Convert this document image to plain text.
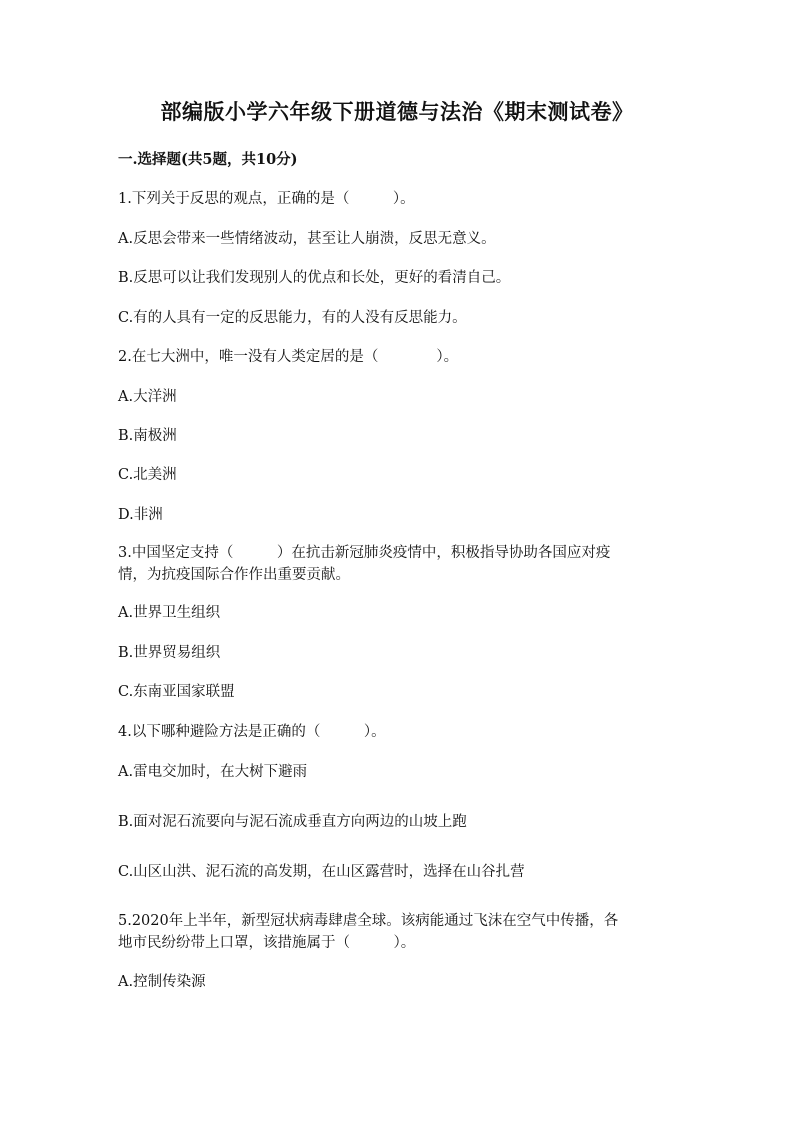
部编版小学六年级下册道德与法治《期末测试卷》
一.选择题(共5题，共10分)
1.下列关于反思的观点，正确的是（　　　）。
A.反思会带来一些情绪波动，甚至让人崩溃，反思无意义。
B.反思可以让我们发现别人的优点和长处，更好的看清自己。
C.有的人具有一定的反思能力，有的人没有反思能力。
2.在七大洲中，唯一没有人类定居的是（　　　　）。
A.大洋洲
B.南极洲
C.北美洲
D.非洲
3.中国坚定支持（　　　）在抗击新冠肺炎疫情中，积极指导协助各国应对疫
情，为抗疫国际合作作出重要贡献。
A.世界卫生组织
B.世界贸易组织
C.东南亚国家联盟
4.以下哪种避险方法是正确的（　　　）。
A.雷电交加时，在大树下避雨
B.面对泥石流要向与泥石流成垂直方向两边的山坡上跑
C.山区山洪、泥石流的高发期，在山区露营时，选择在山谷扎营
5.2020年上半年，新型冠状病毒肆虐全球。该病能通过飞沫在空气中传播，各
地市民纷纷带上口罩，该措施属于（　　　）。
A.控制传染源
